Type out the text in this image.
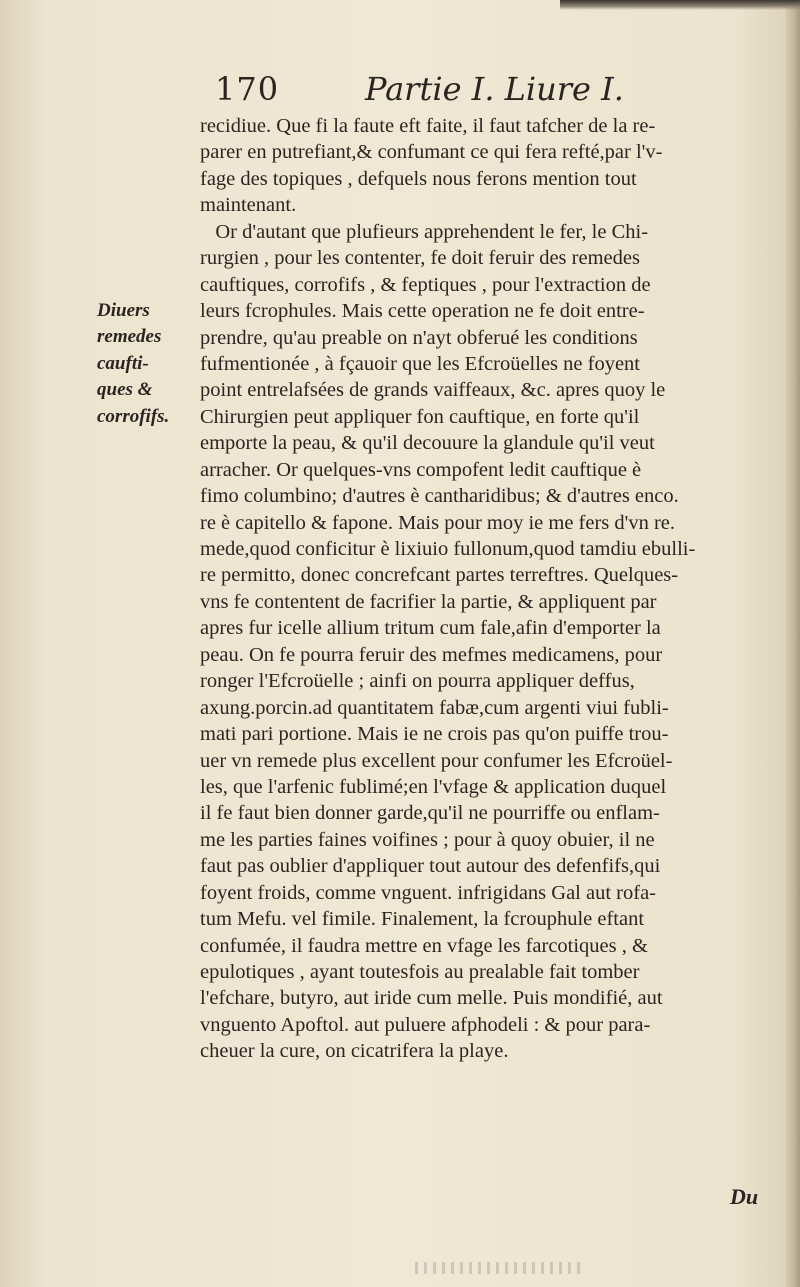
170	Partie I. Liure I.
Diuers
remedes
caufti-
ques &
corrofifs.
recidiue. Que fi la faute eft faite, il faut tafcher de la re-
parer en putrefiant,& confumant ce qui fera refté,par l'v-
fage des topiques , defquels nous ferons mention tout
maintenant.
Or d'autant que plufieurs apprehendent le fer, le Chi-
rurgien , pour les contenter, fe doit feruir des remedes
cauftiques, corrofifs , & feptiques , pour l'extraction de
leurs fcrophules. Mais cette operation ne fe doit entre-
prendre, qu'au preable on n'ayt obferué les conditions
fufmentionée , à fçauoir que les Efcroüelles ne foyent
point entrelafsées de grands vaiffeaux, &c. apres quoy le
Chirurgien peut appliquer fon cauftique, en forte qu'il
emporte la peau, & qu'il decouure la glandule qu'il veut
arracher. Or quelques-vns compofent ledit cauftique è
fimo columbino; d'autres è cantharidibus; & d'autres enco.
re è capitello & fapone. Mais pour moy ie me fers d'vn re.
mede,quod conficitur è lixiuio fullonum,quod tamdiu ebulli-
re permitto, donec concrefcant partes terreftres. Quelques-
vns fe contentent de facrifier la partie, & appliquent par
apres fur icelle allium tritum cum fale,afin d'emporter la
peau. On fe pourra feruir des mefmes medicamens, pour
ronger l'Efcroüelle ; ainfi on pourra appliquer deffus,
axung.porcin.ad quantitatem fabæ,cum argenti viui fubli-
mati pari portione. Mais ie ne crois pas qu'on puiffe trou-
uer vn remede plus excellent pour confumer les Efcroüel-
les, que l'arfenic fublimé;en l'vfage & application duquel
il fe faut bien donner garde,qu'il ne pourriffe ou enflam-
me les parties faines voifines ; pour à quoy obuier, il ne
faut pas oublier d'appliquer tout autour des defenfifs,qui
foyent froids, comme vnguent. infrigidans Gal aut rofa-
tum Mefu. vel fimile. Finalement, la fcrouphule eftant
confumée, il faudra mettre en vfage les farcotiques , &
epulotiques , ayant toutesfois au prealable fait tomber
l'efchare, butyro, aut iride cum melle. Puis mondifié, aut
vnguento Apoftol. aut puluere afphodeli : & pour para-
cheuer la cure, on cicatrifera la playe.
Du
